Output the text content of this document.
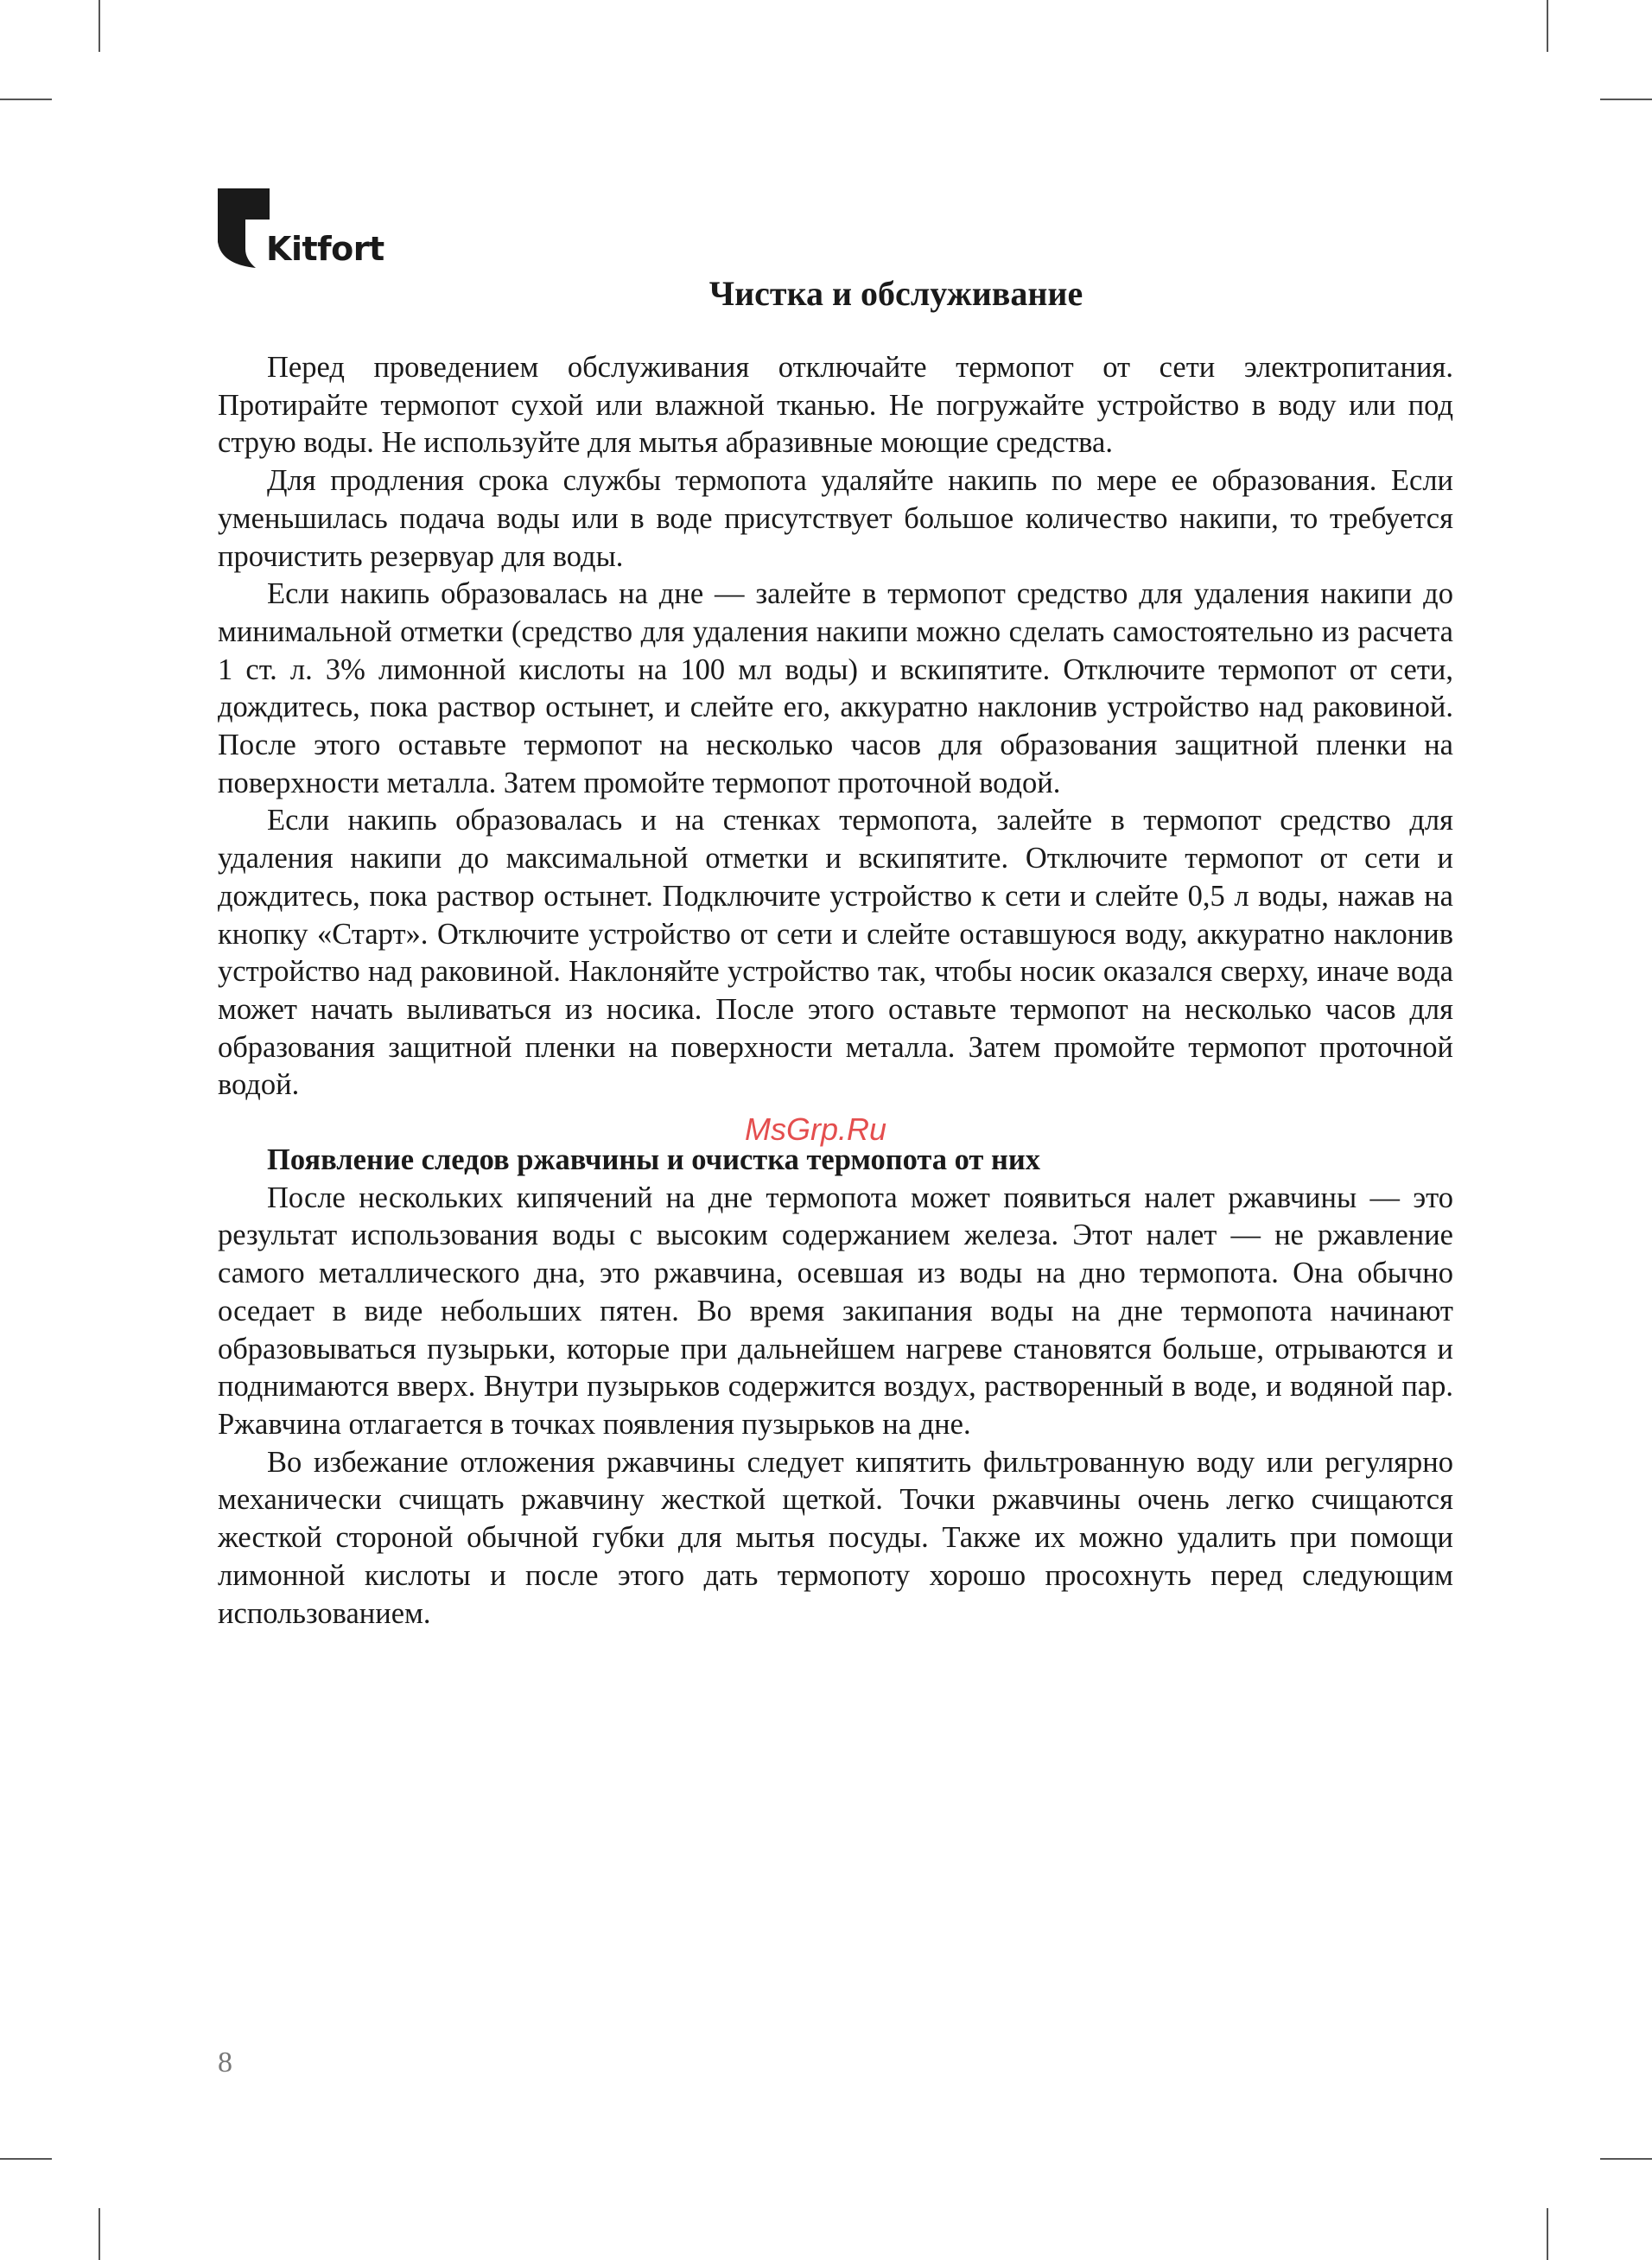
Kitfort
Чистка и обслуживание

Перед проведением обслуживания отключайте термопот от сети электропитания. Протирайте термопот сухой или влажной тканью. Не погружайте устройство в воду или под струю воды. Не используйте для мытья абразивные моющие средства.

Для продления срока службы термопота удаляйте накипь по мере ее образования. Если уменьшилась подача воды или в воде присутствует большое количество накипи, то требуется прочистить резервуар для воды.

Если накипь образовалась на дне — залейте в термопот средство для удаления накипи до минимальной отметки (средство для удаления накипи можно сделать самостоятельно из расчета 1 ст. л. 3% лимонной кислоты на 100 мл воды) и вскипятите. Отключите термопот от сети, дождитесь, пока раствор остынет, и слейте его, аккуратно наклонив устройство над раковиной. После этого оставьте термопот на несколько часов для образования защитной пленки на поверхности металла. Затем промойте термопот проточной водой.

Если накипь образовалась и на стенках термопота, залейте в термопот средство для удаления накипи до максимальной отметки и вскипятите. Отключите термопот от сети и дождитесь, пока раствор остынет. Подключите устройство к сети и слейте 0,5 л воды, нажав на кнопку «Старт». Отключите устройство от сети и слейте оставшуюся воду, аккуратно наклонив устройство над раковиной. Наклоняйте устройство так, чтобы носик оказался сверху, иначе вода может начать выливаться из носика. После этого оставьте термопот на несколько часов для образования защитной пленки на поверхности металла. Затем промойте термопот проточной водой.

Появление следов ржавчины и очистка термопота от них

После нескольких кипячений на дне термопота может появиться налет ржавчины — это результат использования воды с высоким содержанием железа. Этот налет — не ржавление самого металлического дна, это ржавчина, осевшая из воды на дно термопота. Она обычно оседает в виде небольших пятен. Во время закипания воды на дне термопота начинают образовываться пузырьки, которые при дальнейшем нагреве становятся больше, отрываются и поднимаются вверх. Внутри пузырьков содержится воздух, растворенный в воде, и водяной пар. Ржавчина отлагается в точках появления пузырьков на дне.

Во избежание отложения ржавчины следует кипятить фильтрованную воду или регулярно механически счищать ржавчину жесткой щеткой. Точки ржавчины очень легко счищаются жесткой стороной обычной губки для мытья посуды. Также их можно удалить при помощи лимонной кислоты и после этого дать термопоту хорошо просохнуть перед следующим использованием.

MsGrp.Ru
8
